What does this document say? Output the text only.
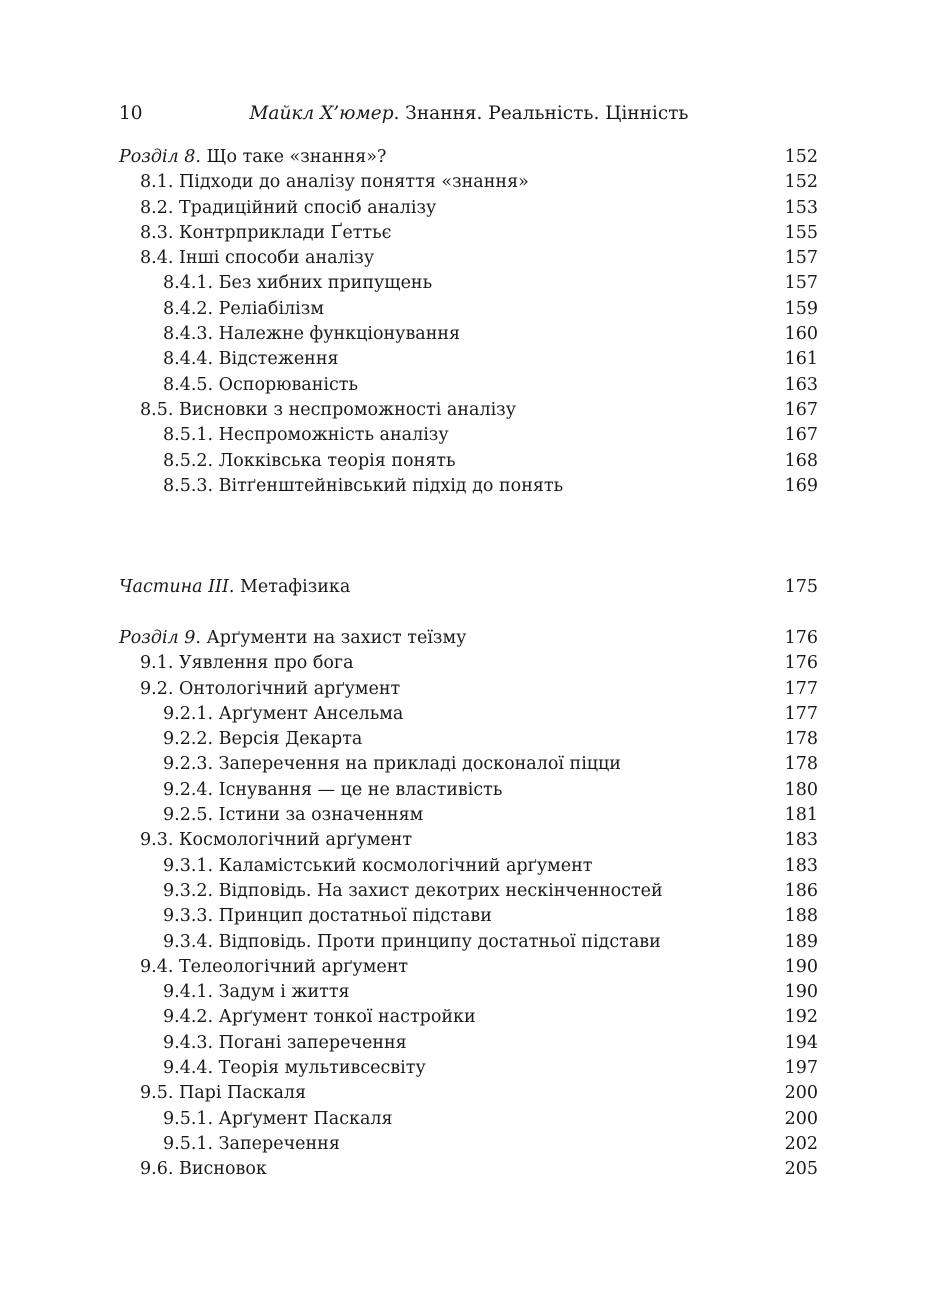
10	Майкл Х’юмер. Знання. Реальність. Цінність
Розділ 8. Що таке «знання»?	152
8.1. Підходи до аналізу поняття «знання»	152
8.2. Традиційний спосіб аналізу	153
8.3. Контрприклади Ґеттьє	155
8.4. Інші способи аналізу	157
8.4.1. Без хибних припущень	157
8.4.2. Реліабілізм	159
8.4.3. Належне функціонування	160
8.4.4. Відстеження	161
8.4.5. Оспорюваність	163
8.5. Висновки з неспроможності аналізу	167
8.5.1. Неспроможність аналізу	167
8.5.2. Локківська теорія понять	168
8.5.3. Вітґенштейнівський підхід до понять	169
Частина III. Метафізика	175
Розділ 9. Арґументи на захист теїзму	176
9.1. Уявлення про бога	176
9.2. Онтологічний арґумент	177
9.2.1. Арґумент Ансельма	177
9.2.2. Версія Декарта	178
9.2.3. Заперечення на прикладі досконалої піцци	178
9.2.4. Існування — це не властивість	180
9.2.5. Істини за означенням	181
9.3. Космологічний арґумент	183
9.3.1. Каламістський космологічний арґумент	183
9.3.2. Відповідь. На захист декотрих нескінченностей	186
9.3.3. Принцип достатньої підстави	188
9.3.4. Відповідь. Проти принципу достатньої підстави	189
9.4. Телеологічний арґумент	190
9.4.1. Задум і життя	190
9.4.2. Арґумент тонкої настройки	192
9.4.3. Погані заперечення	194
9.4.4. Теорія мультивсесвіту	197
9.5. Парі Паскаля	200
9.5.1. Арґумент Паскаля	200
9.5.1. Заперечення	202
9.6. Висновок	205
